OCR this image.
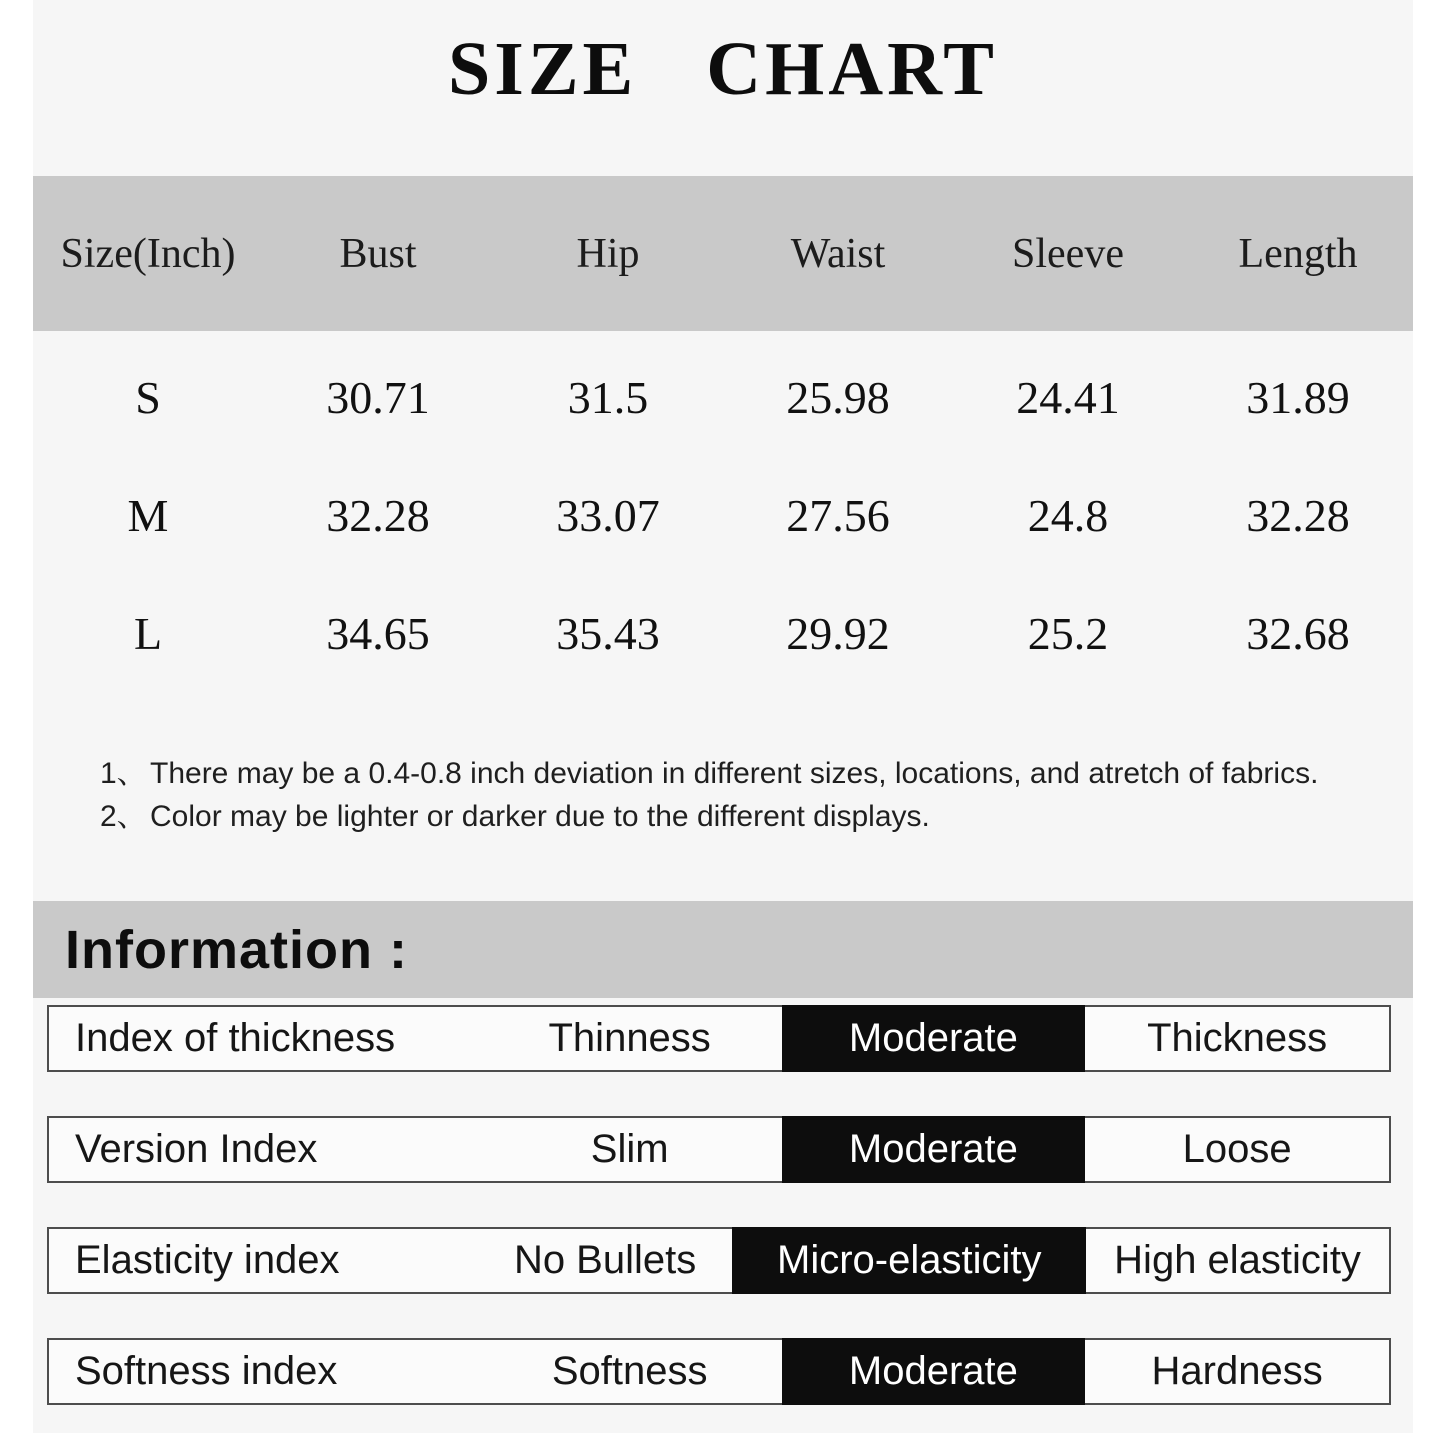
SIZE CHART
Size(Inch)	Bust	Hip	Waist	Sleeve	Length
S	30.71	31.5	25.98	24.41	31.89
M	32.28	33.07	27.56	24.8	32.28
L	34.65	35.43	29.92	25.2	32.68
1、 There may be a 0.4-0.8 inch deviation in different sizes, locations, and atretch of fabrics.
2、 Color may be lighter or darker due to the different displays.
Information :
Index of thickness	Thinness	Moderate	Thickness
Version Index	Slim	Moderate	Loose
Elasticity index	No Bullets	Micro-elasticity	High elasticity
Softness index	Softness	Moderate	Hardness
